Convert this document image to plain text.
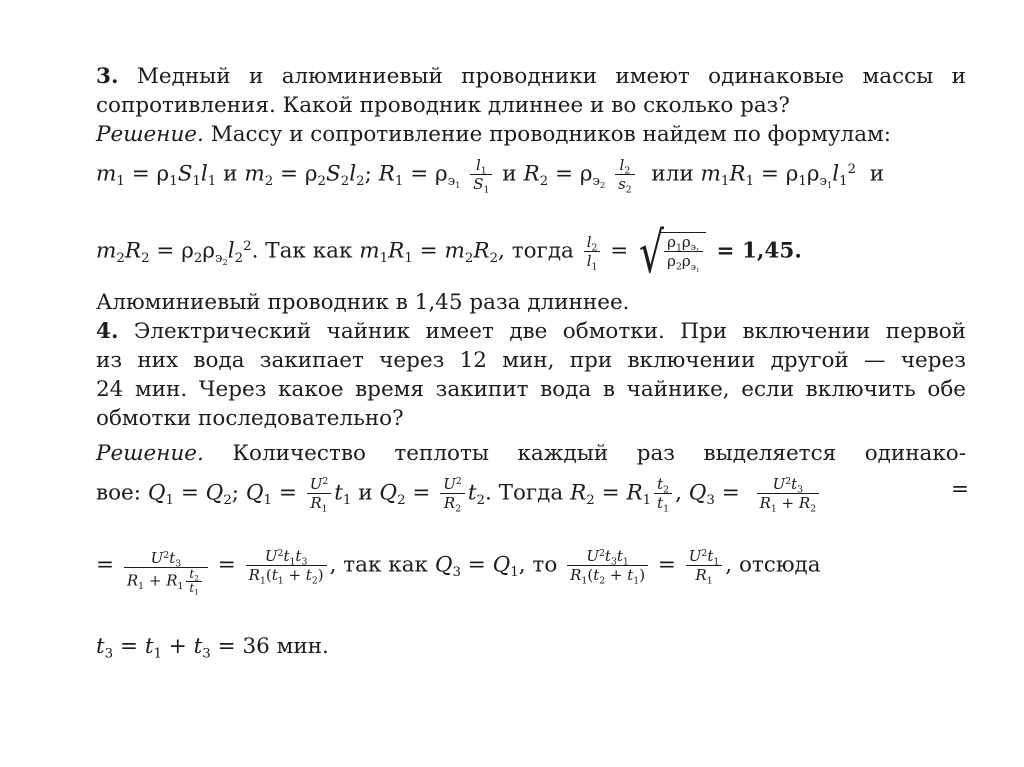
3. Медный и алюминиевый проводники имеют одинаковые массы и
сопротивления. Какой проводник длиннее и во сколько раз?
Решение. Массу и сопротивление проводников найдем по формулам:
$m_1 = \rho_1S_1l_1$ и $m_2 = \rho_2S_2l_2$; $R_1 = \rho_{э_1} \frac{l_1}{S_1}$ и $R_2 = \rho_{э_2} \frac{l_2}{s_2}$ или $m_1R_1 = \rho_1\rho_{э_1}l_1^2$ и
$m_2R_2 = \rho_2\rho_{э_2}l_2^2$. Так как $m_1R_1 = m_2R_2$, тогда $\frac{l_2}{l_1}$ = √ $\frac{\rho_1\rho_{э_1}}{\rho_2\rho_{э_1}} = 1,45$.
Алюминиевый проводник в 1,45 раза длиннее.
4. Электрический чайник имеет две обмотки. При включении первой
из них вода закипает через 12 мин, при включении другой — через
24 мин. Через какое время закипит вода в чайнике, если включить обе
обмотки последовательно?
Решение. Количество теплоты каждый раз выделяется одинако-
вое: $Q_1 = Q_2$; $Q_1 = \frac{U^2}{R_1} t_1$ и $Q_2 = \frac{U^2}{R_2} t_2$. Тогда $R_2 = R_1 \frac{t_2}{t_1}$ , $Q_3 = \frac{U^2t_3}{R_1 + R_2}$	=
= $\frac{U^2t_3}{R_1 + R_1 \frac{t_2}{t_1}} = \frac{U^2t_1t_3}{R_1(t_1 + t_2)}$ , так как $Q_3 = Q_1$, то $\frac{U^2t_3t_1}{R_1(t_2 + t_1)} = \frac{U^2t_1}{R_1}$ , отсюда
$t_3 = t_1 + t_3 = 36$ мин.
